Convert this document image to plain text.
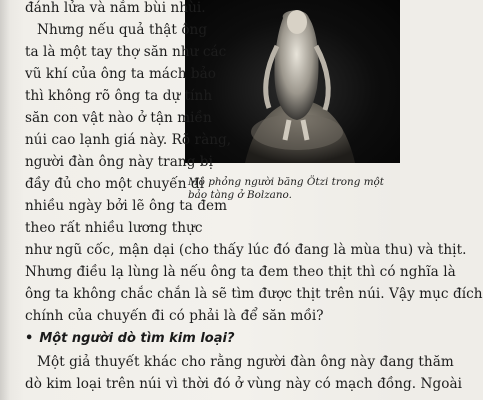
đánh lửa và nắm bùi nhùi.
Nhưng nếu quả thật ông
ta là một tay thợ săn như các
vũ khí của ông ta mách bảo
thì không rõ ông ta dự tính
săn con vật nào ở tận miền
núi cao lạnh giá này. Rõ ràng,
người đàn ông này trang bị
đầy đủ cho một chuyến đi
nhiều ngày bởi lẽ ông ta đem
theo rất nhiều lương thực
Mô phỏng người băng Ötzi trong một bảo tàng ở Bolzano.
như ngũ cốc, mận dại (cho thấy lúc đó đang là mùa thu) và thịt.
Nhưng điều lạ lùng là nếu ông ta đem theo thịt thì có nghĩa là
ông ta không chắc chắn là sẽ tìm được thịt trên núi. Vậy mục đích
chính của chuyến đi có phải là để săn mồi?
• Một người dò tìm kim loại?
Một giả thuyết khác cho rằng người đàn ông này đang thăm
dò kim loại trên núi vì thời đó ở vùng này có mạch đồng. Ngoài
